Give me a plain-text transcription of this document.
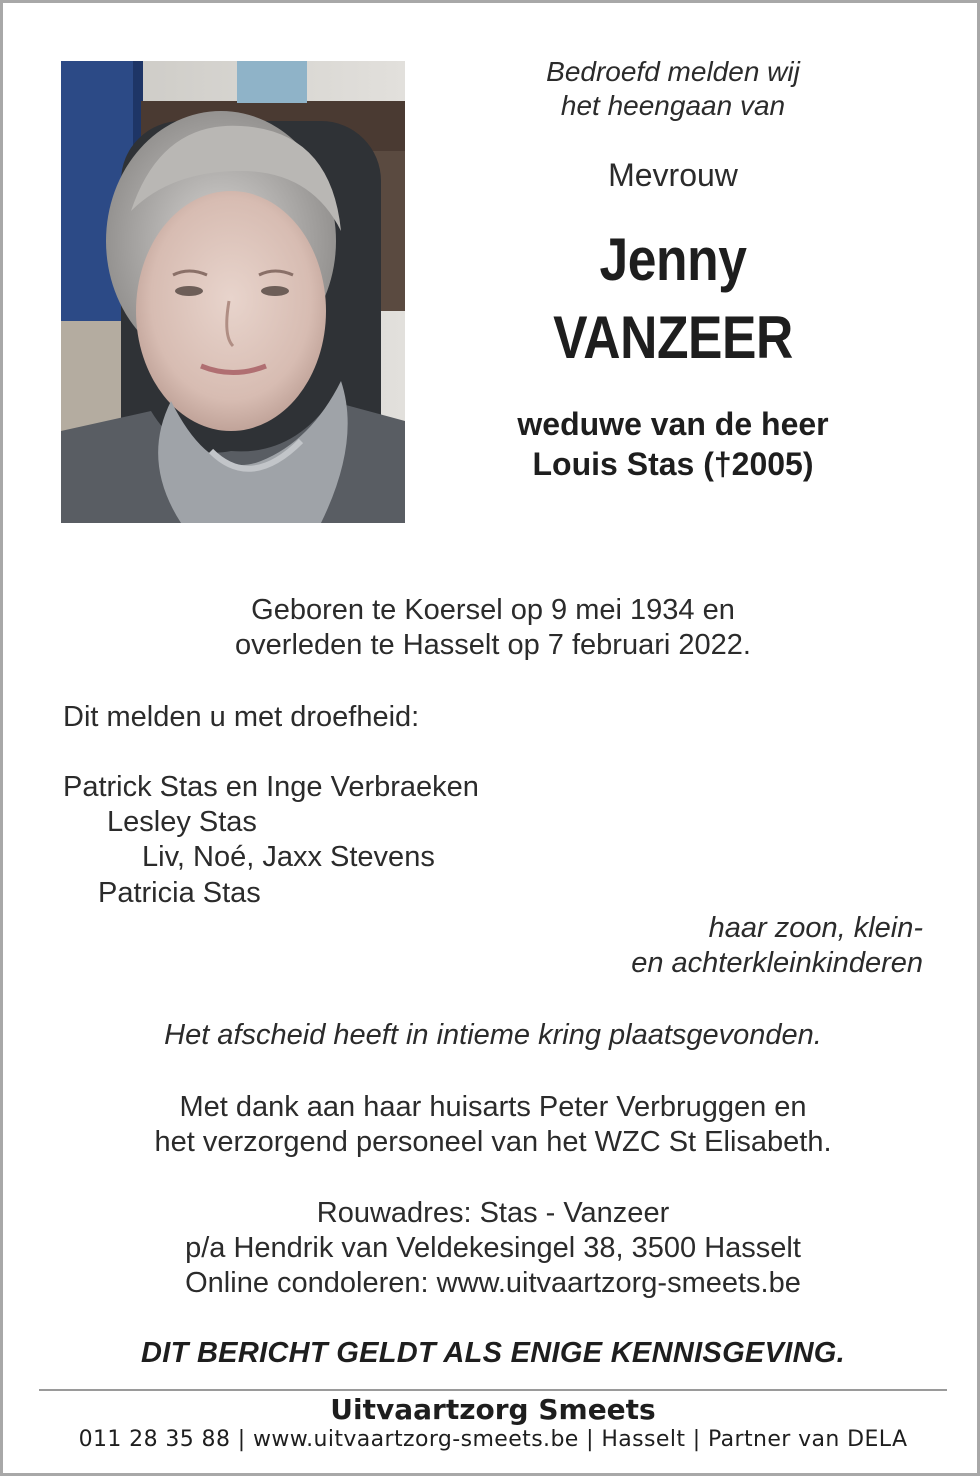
Bedroefd melden wij
het heengaan van
Mevrouw
Jenny
VANZEER
weduwe van de heer
Louis Stas (†2005)
Geboren te Koersel op 9 mei 1934 en
overleden te Hasselt op 7 februari 2022.
Dit melden u met droefheid:
Patrick Stas en Inge Verbraeken
Lesley Stas
Liv, Noé, Jaxx Stevens
Patricia Stas
haar zoon, klein-
en achterkleinkinderen
Het afscheid heeft in intieme kring plaatsgevonden.
Met dank aan haar huisarts Peter Verbruggen en
het verzorgend personeel van het WZC St Elisabeth.
Rouwadres: Stas - Vanzeer
p/a Hendrik van Veldekesingel 38, 3500 Hasselt
Online condoleren: www.uitvaartzorg-smeets.be
DIT BERICHT GELDT ALS ENIGE KENNISGEVING.
Uitvaartzorg Smeets
011 28 35 88 | www.uitvaartzorg-smeets.be | Hasselt | Partner van DELA
